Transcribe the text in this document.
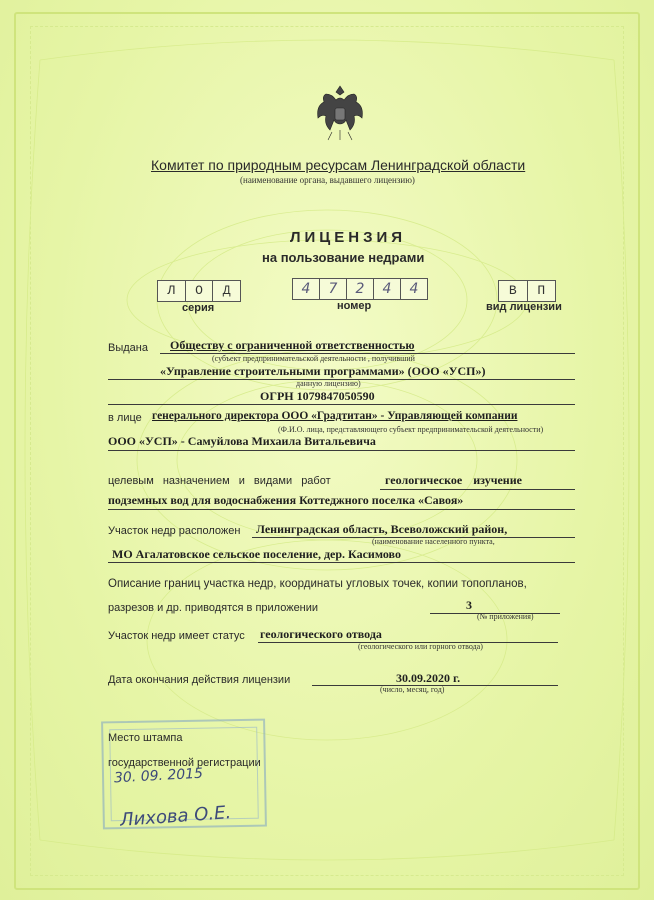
Комитет по природным ресурсам Ленинградской области
(наименование органа, выдавшего лицензию)
ЛИЦЕНЗИЯ
на пользование недрами
Л	О	Д
серия
4	7	2	4	4
номер
В	П
вид лицензии
Выдана Обществу с ограниченной ответственностью
(субъект предпринимательской деятельности , получивший
«Управление строительными программами» (ООО «УСП»)
данную лицензию)
ОГРН 1079847050590
в лице генерального директора ООО «Градтитан» - Управляющей компании
(Ф.И.О. лица, представляющего субъект предпринимательской деятельности)
ООО «УСП» - Самуйлова Михаила Витальевича
целевым назначением и видами работ	геологическое изучение
подземных вод для водоснабжения Коттеджного поселка «Савоя»
Участок недр расположен Ленинградская область, Всеволожский район,
(наименование населенного пункта,
МО Агалатовское сельское поселение, дер. Касимово
Описание границ участка недр, координаты угловых точек, копии топопланов,
разрезов и др. приводятся в приложении	3
(№ приложения)
Участок недр имеет статус геологического отвода
(геологического или горного отвода)
Дата окончания действия лицензии	30.09.2020 г.
(число, месяц, год)
Место штампа
государственной регистрации
30. 09. 2015
Лихова О.Е.
